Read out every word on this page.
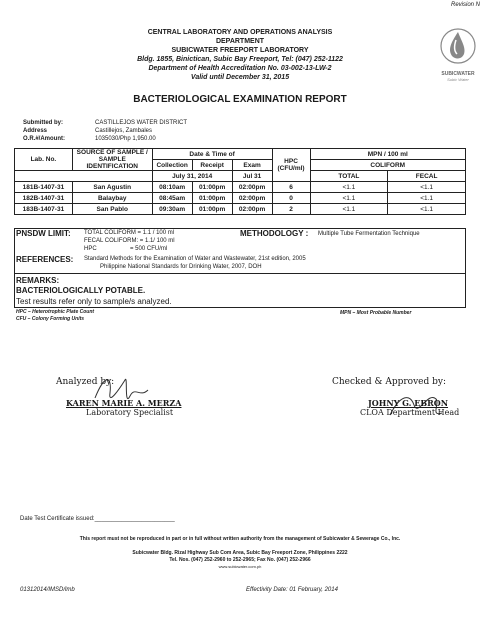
Revision N
CENTRAL LABORATORY AND OPERATIONS ANALYSIS
DEPARTMENT
SUBICWATER FREEPORT LABORATORY
Bldg. 1855, Binictican, Subic Bay Freeport, Tel: (047) 252-1122
Department of Health Accreditation No. 03-002-13-LW-2
Valid until December 31, 2015	SUBICWATER
Subic Water
BACTERIOLOGICAL EXAMINATION REPORT
Submitted by:	CASTILLEJOS WATER DISTRICT
Address	Castillejos, Zambales
O.R.#/Amount:	1035030/Php 1,950.00
Lab. No.	SOURCE OF SAMPLE / SAMPLE IDENTIFICATION	Date & Time of			HPC (CFU/ml)	MPN / 100 ml	
		Collection	Receipt	Exam		COLIFORM	
		July 31, 2014		Jul 31		TOTAL	FECAL
181B-1407-31	San Agustin	08:10am	01:00pm	02:00pm	6	<1.1	<1.1
182B-1407-31	Balaybay	08:45am	01:00pm	02:00pm	0	<1.1	<1.1
183B-1407-31	San Pablo	09:30am	01:00pm	02:00pm	2	<1.1	<1.1
PNSDW LIMIT: TOTAL COLIFORM = 1.1 / 100 ml
FECAL COLIFORM: = 1.1/ 100 ml
HPC                    = 500 CFU/ml
METHODOLOGY : Multiple Tube Fermentation Technique
REFERENCES: Standard Methods for the Examination of Water and Wastewater, 21st edition, 2005
Philippine National Standards for Drinking Water, 2007, DOH
REMARKS:
BACTERIOLOGICALLY POTABLE.
Test results refer only to sample/s analyzed.
HPC – Heterotrophic Plate Count
CFU – Colony Forming Units
MPN – Most Probable Number
Analyzed by:
KAREN MARIE A. MERZA
Laboratory Specialist
Checked & Approved by:
JOHNY G. EBRON
CLOA Department Head
Date Test Certificate issued:________________________
This report must not be reproduced in part or in full without written authority from the management of Subicwater & Sewerage Co., Inc.
Subicwater Bldg. Rizal Highway Sub Com Area, Subic Bay Freeport Zone, Philippines 2222
Tel. Nos. (047) 252-2960 to 252-2965; Fax No. (047) 252-2966
www.subicwater.com.ph
01312014/IMSD/lmb	Effectivity Date: 01 February, 2014
